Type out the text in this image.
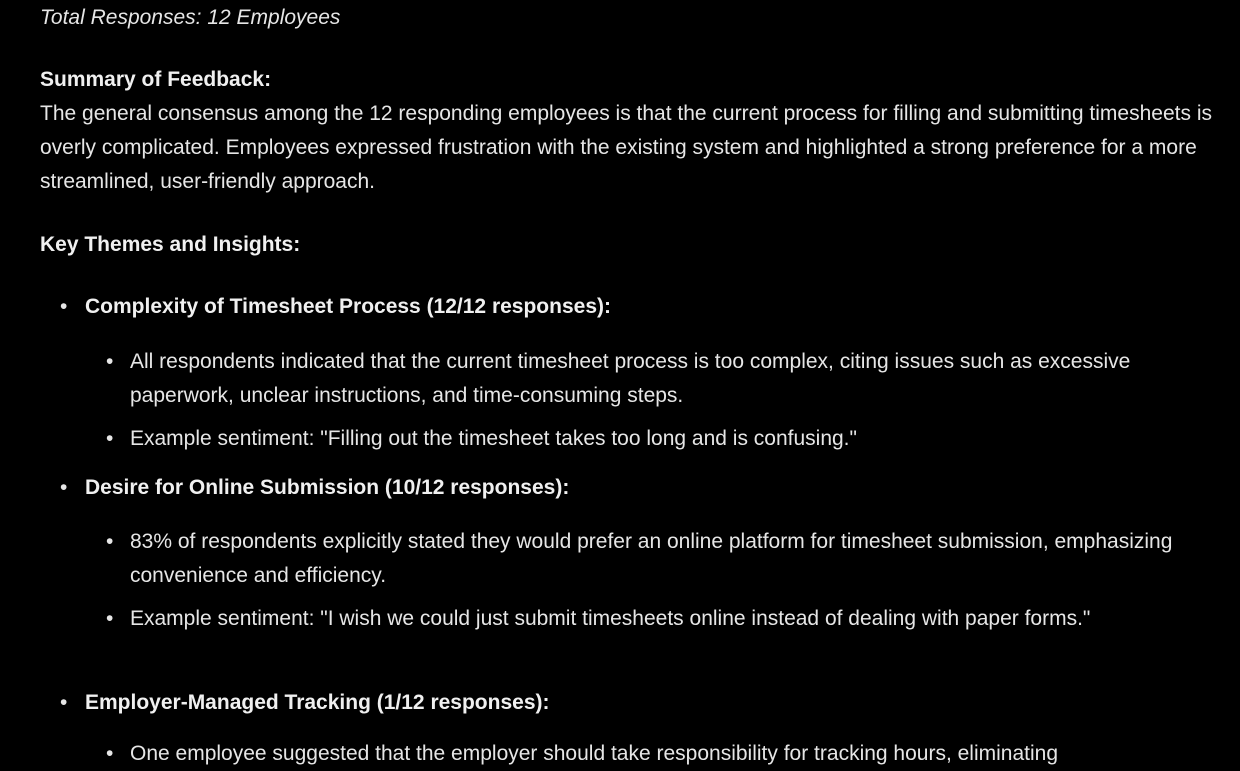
Total Responses: 12 Employees
Summary of Feedback:
The general consensus among the 12 responding employees is that the current process for filling and submitting timesheets is overly complicated. Employees expressed frustration with the existing system and highlighted a strong preference for a more streamlined, user-friendly approach.
Key Themes and Insights:
• Complexity of Timesheet Process (12/12 responses):
• All respondents indicated that the current timesheet process is too complex, citing issues such as excessive paperwork, unclear instructions, and time-consuming steps.
• Example sentiment: "Filling out the timesheet takes too long and is confusing."
• Desire for Online Submission (10/12 responses):
• 83% of respondents explicitly stated they would prefer an online platform for timesheet submission, emphasizing convenience and efficiency.
• Example sentiment: "I wish we could just submit timesheets online instead of dealing with paper forms."
• Employer-Managed Tracking (1/12 responses):
• One employee suggested that the employer should take responsibility for tracking hours, eliminating
